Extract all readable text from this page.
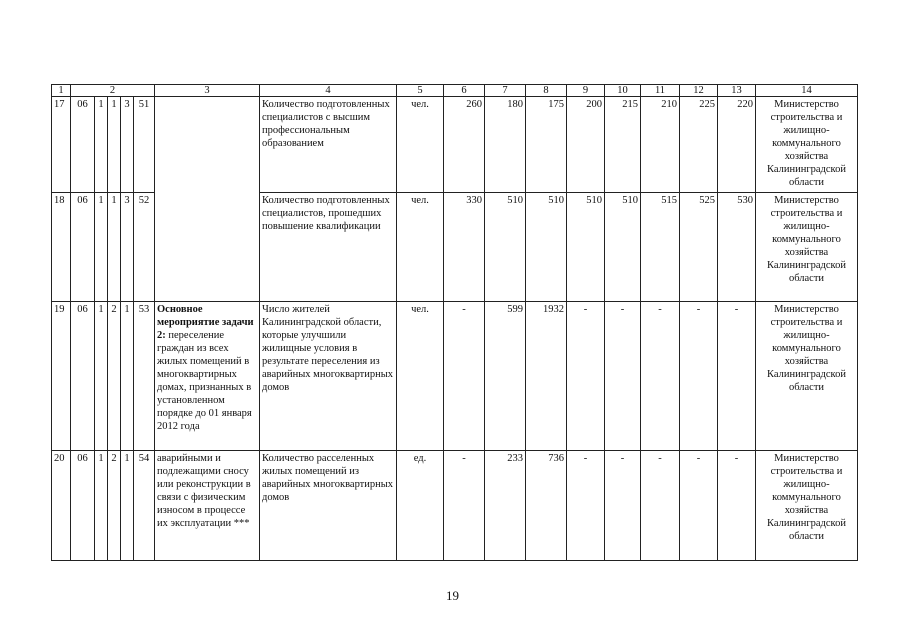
1	2					3	4	5	6	7	8	9	10	11	12	13	14
17	06	1	1	3	51		Количество подготовленных специалистов с высшим профессиональным образованием	чел.	260	180	175	200	215	210	225	220	Министерство строительства и жилищно-коммунального хозяйства Калининградской области
18	06	1	1	3	52		Количество подготовленных специалистов, прошедших повышение квалификации	чел.	330	510	510	510	510	515	525	530	Министерство строительства и жилищно-коммунального хозяйства Калининградской области
19	06	1	2	1	53	Основное мероприятие задачи 2: переселение граждан из всех жилых помещений в многоквартирных домах, признанных в установленном порядке до 01 января 2012 года	Число жителей Калининградской области, которые улучшили жилищные условия в результате переселения из аварийных многоквартирных домов	чел.	-	599	1932	-	-	-	-	-	Министерство строительства и жилищно-коммунального хозяйства Калининградской области
20	06	1	2	1	54	аварийными и подлежащими сносу или реконструкции в связи с физическим износом в процессе их эксплуатации ***	Количество расселенных жилых помещений из аварийных многоквартирных домов	ед.	-	233	736	-	-	-	-	-	Министерство строительства и жилищно-коммунального хозяйства Калининградской области
19
